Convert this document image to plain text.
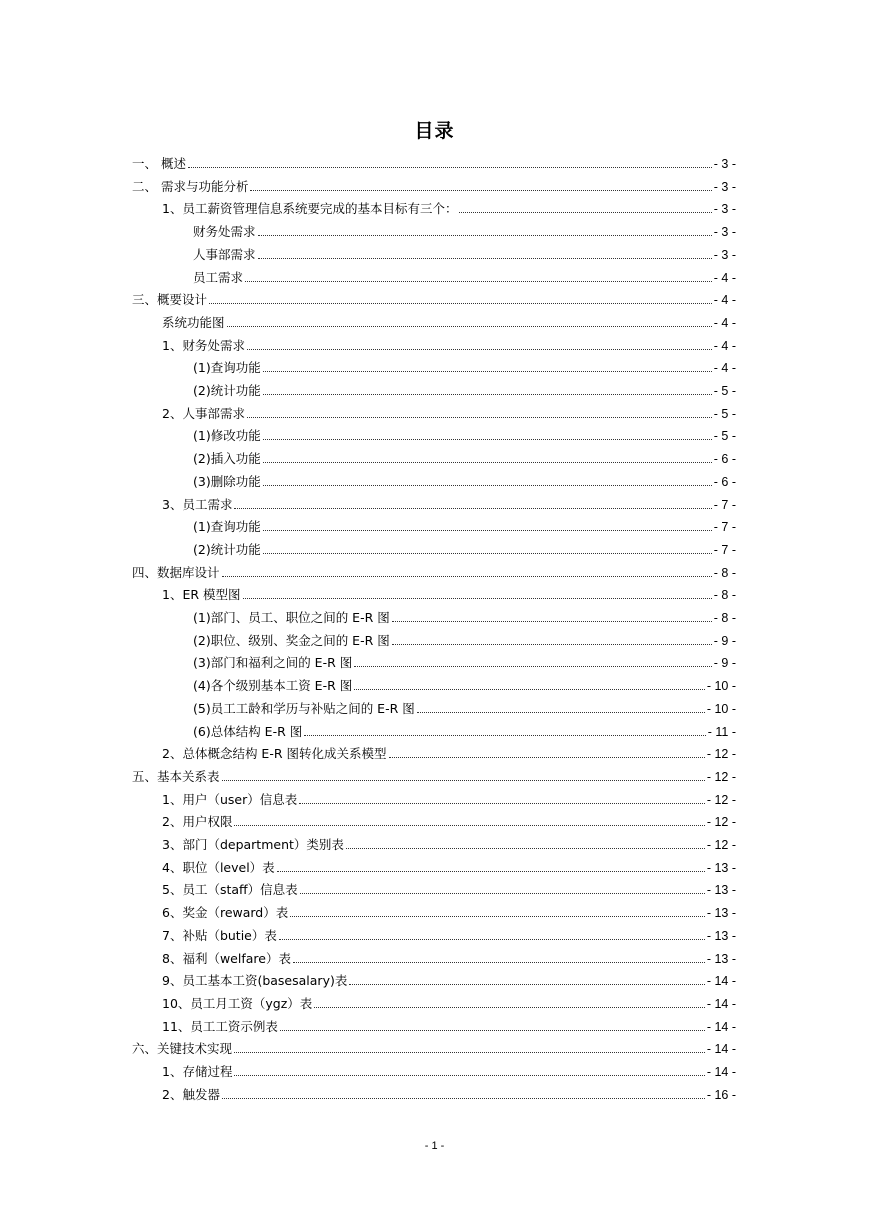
目录
一、 概述	- 3 -
二、 需求与功能分析	- 3 -
1、员工薪资管理信息系统要完成的基本目标有三个：	- 3 -
财务处需求	- 3 -
人事部需求	- 3 -
员工需求	- 4 -
三、概要设计	- 4 -
系统功能图	- 4 -
1、财务处需求	- 4 -
(1)查询功能	- 4 -
(2)统计功能	- 5 -
2、人事部需求	- 5 -
(1)修改功能	- 5 -
(2)插入功能	- 6 -
(3)删除功能	- 6 -
3、员工需求	- 7 -
(1)查询功能	- 7 -
(2)统计功能	- 7 -
四、数据库设计	- 8 -
1、ER 模型图	- 8 -
(1)部门、员工、职位之间的 E-R 图	- 8 -
(2)职位、级别、奖金之间的 E-R 图	- 9 -
(3)部门和福利之间的 E-R 图	- 9 -
(4)各个级别基本工资 E-R 图	- 10 -
(5)员工工龄和学历与补贴之间的 E-R 图	- 10 -
(6)总体结构 E-R 图	- 11 -
2、总体概念结构 E-R 图转化成关系模型	- 12 -
五、基本关系表	- 12 -
1、用户（user）信息表	- 12 -
2、用户权限	- 12 -
3、部门（department）类别表	- 12 -
4、职位（level）表	- 13 -
5、员工（staff）信息表	- 13 -
6、奖金（reward）表	- 13 -
7、补贴（butie）表	- 13 -
8、福利（welfare）表	- 13 -
9、员工基本工资(basesalary)表	- 14 -
10、员工月工资（ygz）表	- 14 -
11、员工工资示例表	- 14 -
六、关键技术实现	- 14 -
1、存储过程	- 14 -
2、触发器	- 16 -
- 1 -
